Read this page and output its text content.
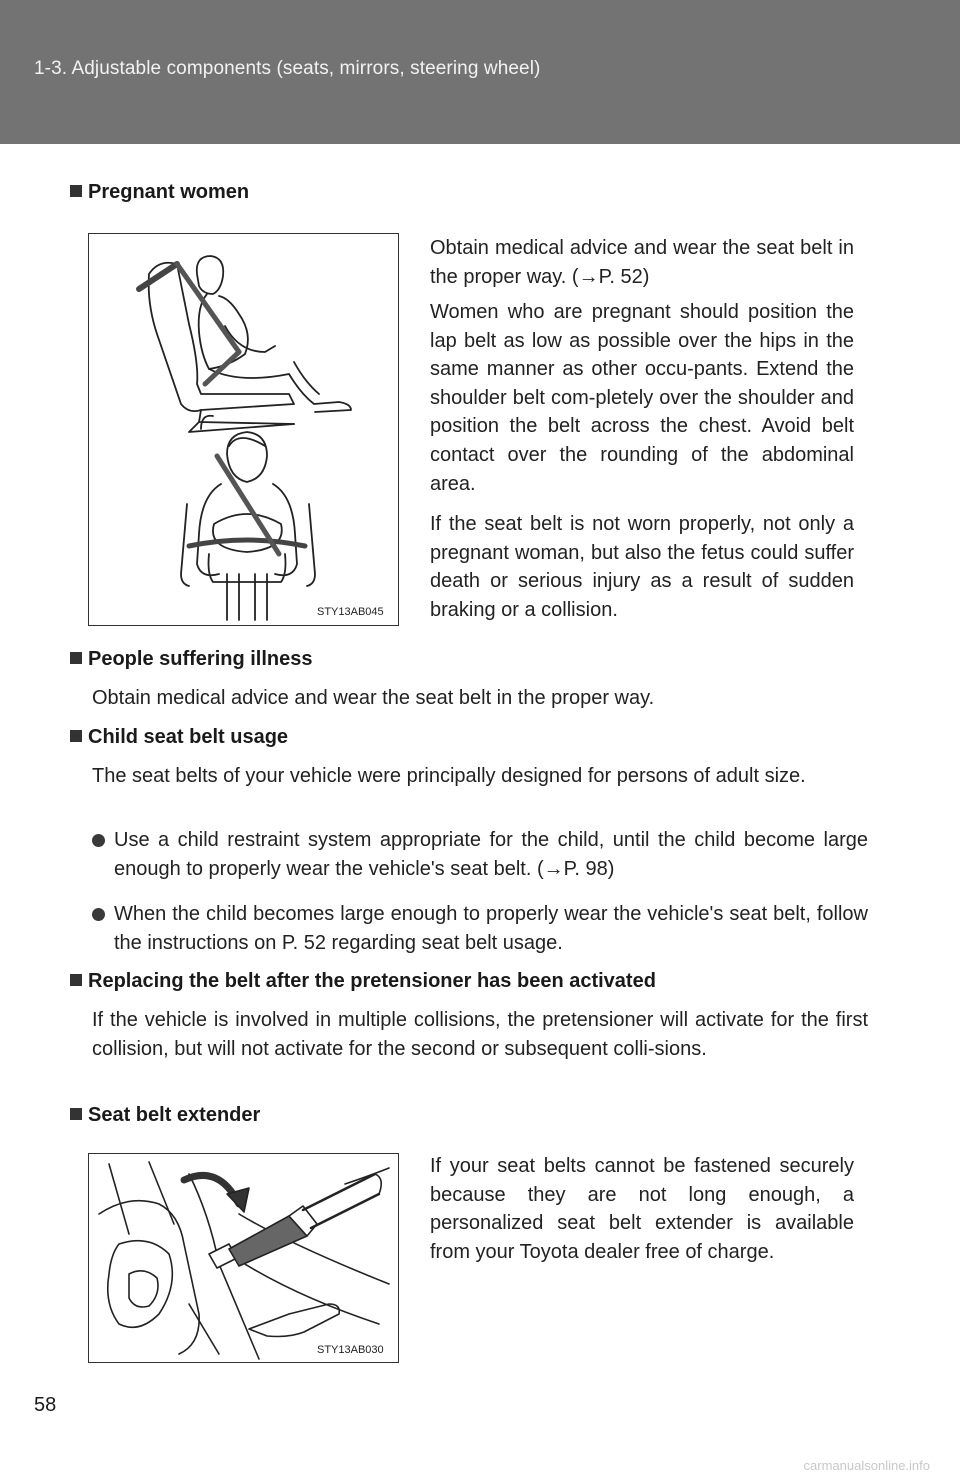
1-3. Adjustable components (seats, mirrors, steering wheel)
Pregnant women
STY13AB045
Obtain medical advice and wear the seat belt in the proper way. (→P. 52)
Women who are pregnant should position the lap belt as low as possible over the hips in the same manner as other occu-pants. Extend the shoulder belt com-pletely over the shoulder and position the belt across the chest. Avoid belt contact over the rounding of the abdominal area.
If the seat belt is not worn properly, not only a pregnant woman, but also the fetus could suffer death or serious injury as a result of sudden braking or a collision.
People suffering illness
Obtain medical advice and wear the seat belt in the proper way.
Child seat belt usage
The seat belts of your vehicle were principally designed for persons of adult size.
Use a child restraint system appropriate for the child, until the child become large enough to properly wear the vehicle's seat belt. (→P. 98)
When the child becomes large enough to properly wear the vehicle's seat belt, follow the instructions on P. 52 regarding seat belt usage.
Replacing the belt after the pretensioner has been activated
If the vehicle is involved in multiple collisions, the pretensioner will activate for the first collision, but will not activate for the second or subsequent colli-sions.
Seat belt extender
STY13AB030
If your seat belts cannot be fastened securely because they are not long enough, a personalized seat belt extender is available from your Toyota dealer free of charge.
58
carmanualsonline.info
